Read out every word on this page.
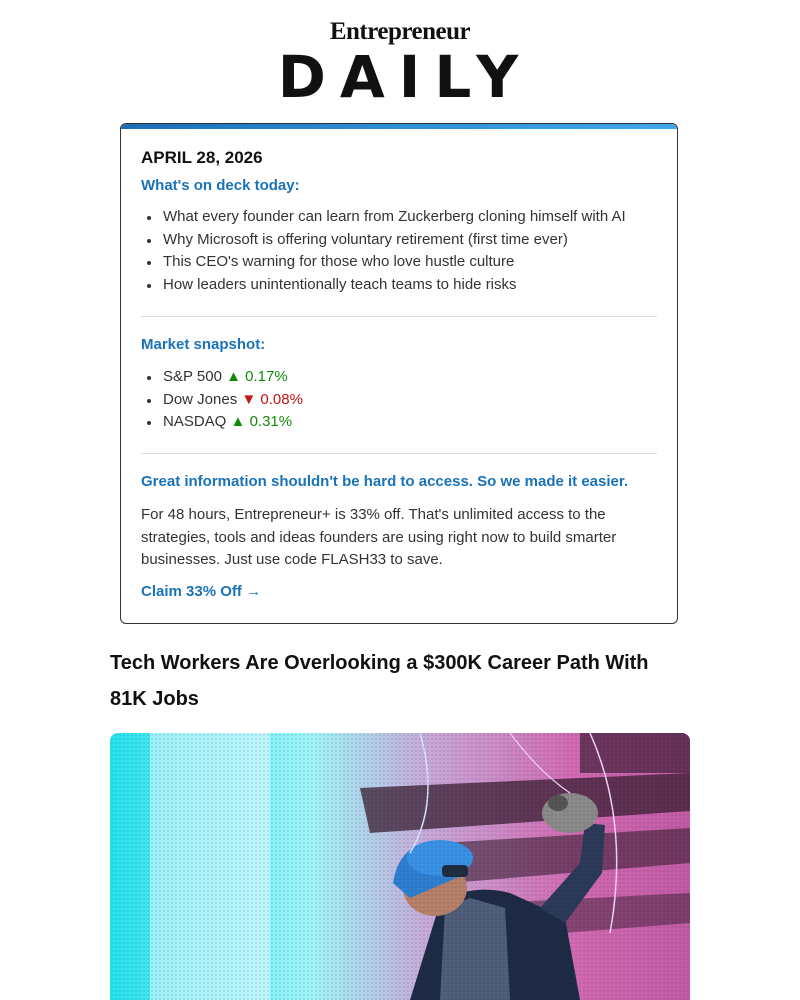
Entrepreneur
DAILY
APRIL 28, 2026
What's on deck today:
What every founder can learn from Zuckerberg cloning himself with AI
Why Microsoft is offering voluntary retirement (first time ever)
This CEO's warning for those who love hustle culture
How leaders unintentionally teach teams to hide risks
Market snapshot:
S&P 500 ▲ 0.17%
Dow Jones ▼ 0.08%
NASDAQ ▲ 0.31%
Great information shouldn't be hard to access. So we made it easier.

For 48 hours, Entrepreneur+ is 33% off. That's unlimited access to the strategies, tools and ideas founders are using right now to build smarter businesses. Just use code FLASH33 to save.

Claim 33% Off →
Tech Workers Are Overlooking a $300K Career Path With 81K Jobs
